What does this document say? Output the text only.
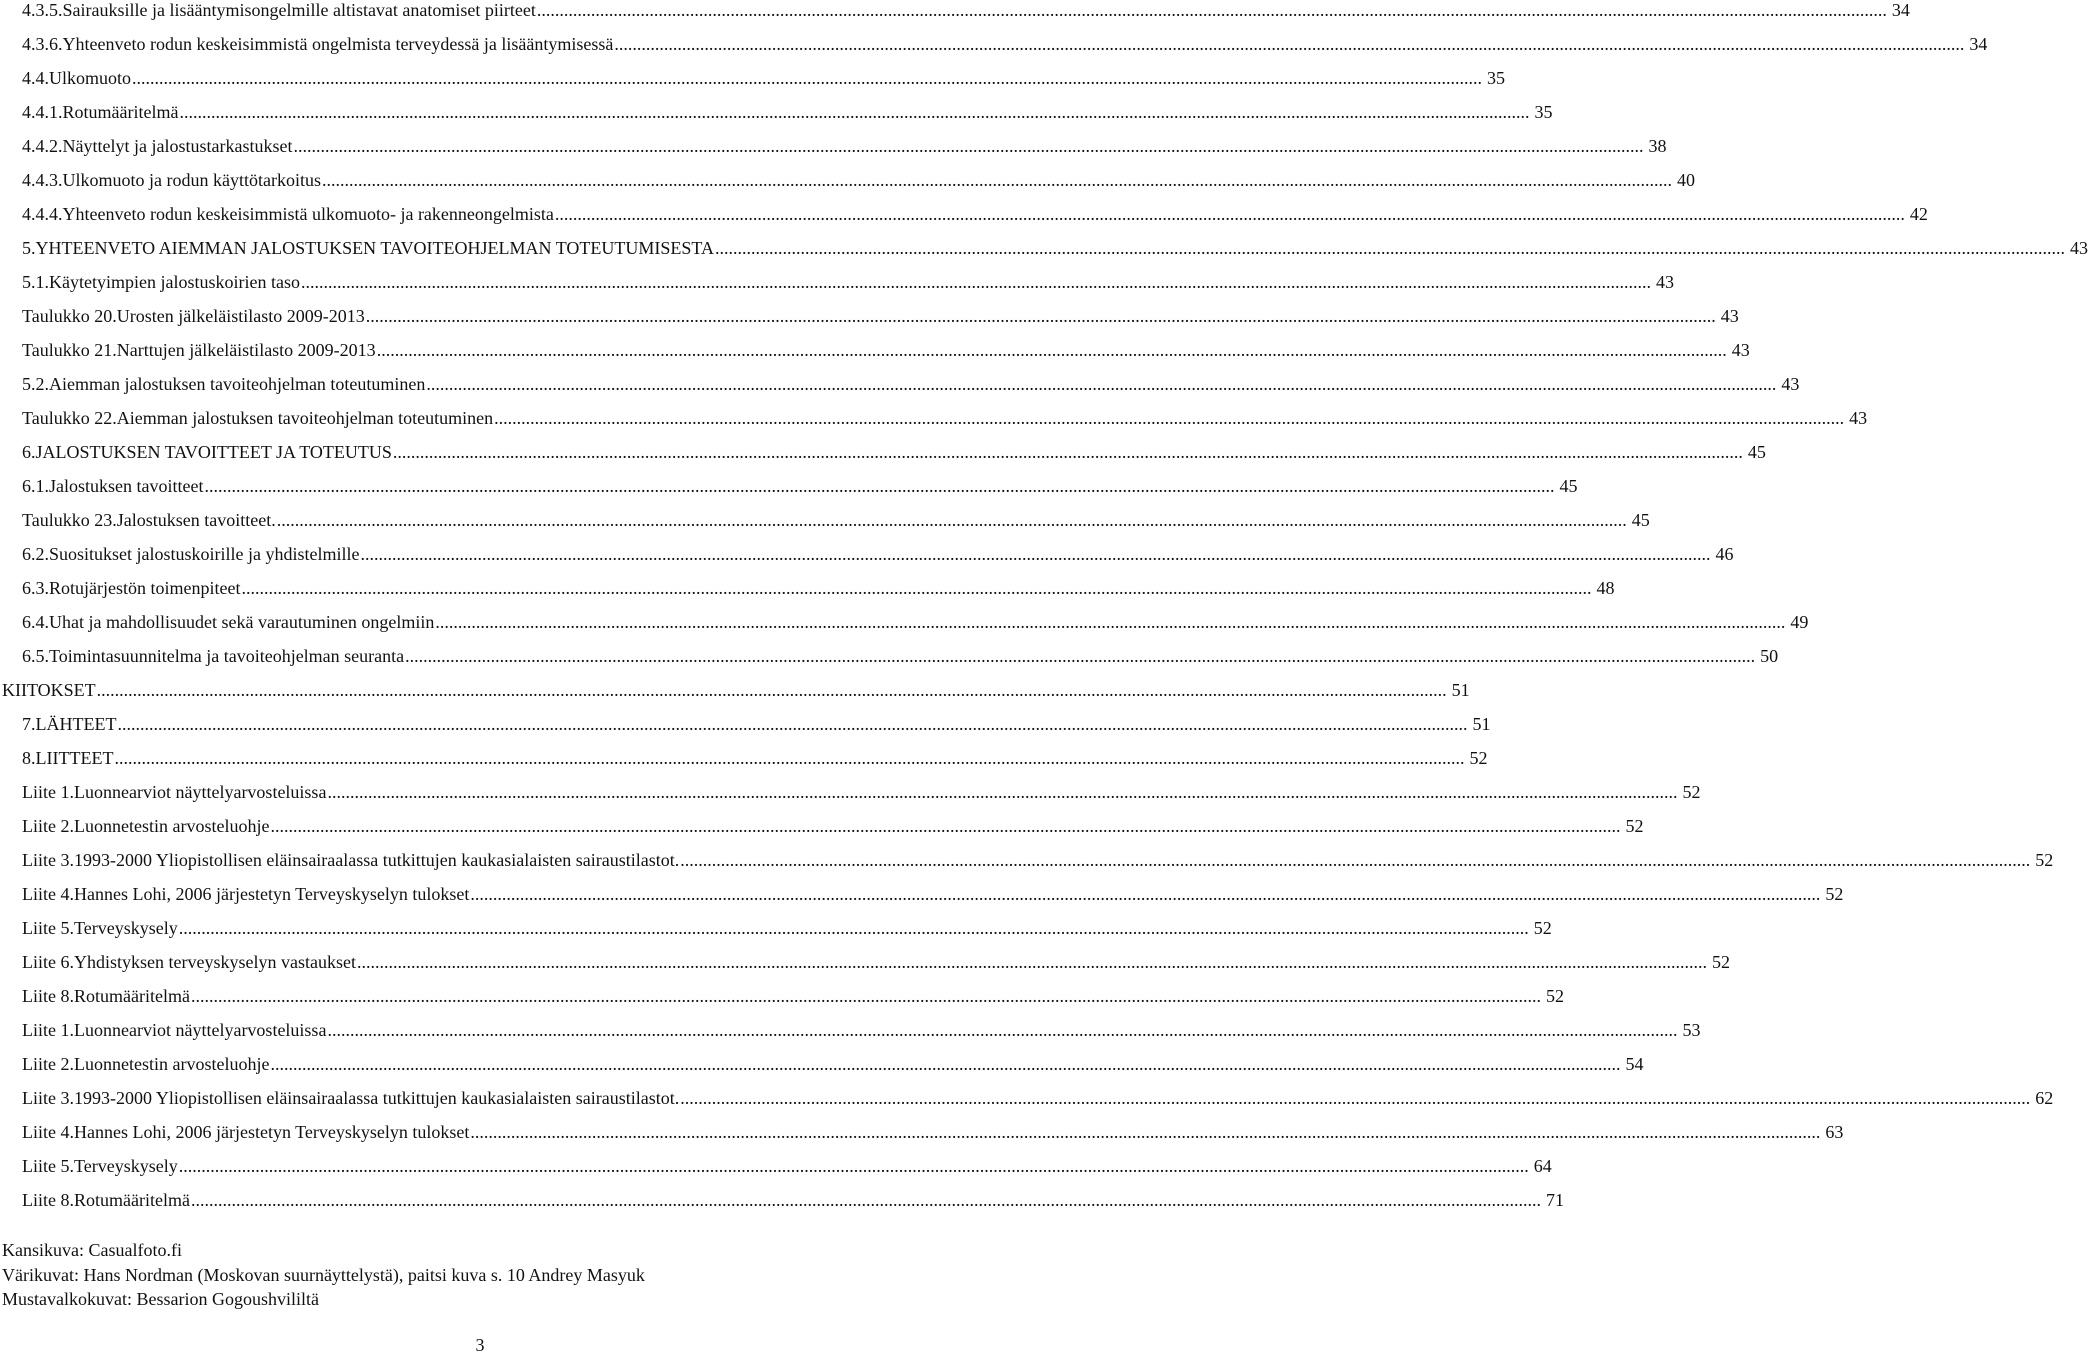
4.3.5. Sairauksille ja lisääntymisongelmille altistavat anatomiset piirteet ............................................................................................................................................................................................................................................................................................................ 34
4.3.6. Yhteenveto rodun keskeisimmistä ongelmista terveydessä ja lisääntymisessä ............................................................................................................................................................................................................................................................................................................ 34
4.4. Ulkomuoto ............................................................................................................................................................................................................................................................................................................ 35
4.4.1. Rotumääritelmä ............................................................................................................................................................................................................................................................................................................ 35
4.4.2. Näyttelyt ja jalostustarkastukset ............................................................................................................................................................................................................................................................................................................ 38
4.4.3. Ulkomuoto ja rodun käyttötarkoitus ............................................................................................................................................................................................................................................................................................................ 40
4.4.4. Yhteenveto rodun keskeisimmistä ulkomuoto- ja rakenneongelmista ............................................................................................................................................................................................................................................................................................................ 42
5. YHTEENVETO AIEMMAN JALOSTUKSEN TAVOITEOHJELMAN TOTEUTUMISESTA ............................................................................................................................................................................................................................................................................................................ 43
5.1. Käytetyimpien jalostuskoirien taso ............................................................................................................................................................................................................................................................................................................ 43
Taulukko 20. Urosten jälkeläistilasto 2009-2013 ............................................................................................................................................................................................................................................................................................................ 43
Taulukko 21. Narttujen jälkeläistilasto 2009-2013 ............................................................................................................................................................................................................................................................................................................ 43
5.2. Aiemman jalostuksen tavoiteohjelman toteutuminen ............................................................................................................................................................................................................................................................................................................ 43
Taulukko 22. Aiemman jalostuksen tavoiteohjelman toteutuminen ............................................................................................................................................................................................................................................................................................................ 43
6. JALOSTUKSEN TAVOITTEET JA TOTEUTUS ............................................................................................................................................................................................................................................................................................................ 45
6.1. Jalostuksen tavoitteet ............................................................................................................................................................................................................................................................................................................ 45
Taulukko 23. Jalostuksen tavoitteet. ............................................................................................................................................................................................................................................................................................................ 45
6.2. Suositukset jalostuskoirille ja yhdistelmille ............................................................................................................................................................................................................................................................................................................ 46
6.3. Rotujärjestön toimenpiteet ............................................................................................................................................................................................................................................................................................................ 48
6.4. Uhat ja mahdollisuudet sekä varautuminen ongelmiin ............................................................................................................................................................................................................................................................................................................ 49
6.5. Toimintasuunnitelma ja tavoiteohjelman seuranta ............................................................................................................................................................................................................................................................................................................ 50
KIITOKSET ............................................................................................................................................................................................................................................................................................................ 51
7. LÄHTEET ............................................................................................................................................................................................................................................................................................................ 51
8. LIITTEET ............................................................................................................................................................................................................................................................................................................ 52
Liite 1. Luonnearviot näyttelyarvosteluissa ............................................................................................................................................................................................................................................................................................................ 52
Liite 2. Luonnetestin arvosteluohje ............................................................................................................................................................................................................................................................................................................ 52
Liite 3. 1993-2000 Yliopistollisen eläinsairaalassa tutkittujen kaukasialaisten sairaustilastot. ............................................................................................................................................................................................................................................................................................................ 52
Liite 4. Hannes Lohi, 2006 järjestetyn Terveyskyselyn tulokset ............................................................................................................................................................................................................................................................................................................ 52
Liite 5. Terveyskysely ............................................................................................................................................................................................................................................................................................................ 52
Liite 6. Yhdistyksen terveyskyselyn vastaukset ............................................................................................................................................................................................................................................................................................................ 52
Liite 8. Rotumääritelmä ............................................................................................................................................................................................................................................................................................................ 52
Liite 1. Luonnearviot näyttelyarvosteluissa ............................................................................................................................................................................................................................................................................................................ 53
Liite 2. Luonnetestin arvosteluohje ............................................................................................................................................................................................................................................................................................................ 54
Liite 3. 1993-2000 Yliopistollisen eläinsairaalassa tutkittujen kaukasialaisten sairaustilastot. ............................................................................................................................................................................................................................................................................................................ 62
Liite 4. Hannes Lohi, 2006 järjestetyn Terveyskyselyn tulokset ............................................................................................................................................................................................................................................................................................................ 63
Liite 5. Terveyskysely ............................................................................................................................................................................................................................................................................................................ 64
Liite 8. Rotumääritelmä ............................................................................................................................................................................................................................................................................................................ 71
Kansikuva: Casualfoto.fi
Värikuvat: Hans Nordman (Moskovan suurnäyttelystä), paitsi kuva s. 10 Andrey Masyuk
Mustavalkokuvat: Bessarion Gogoushvililtä
3
